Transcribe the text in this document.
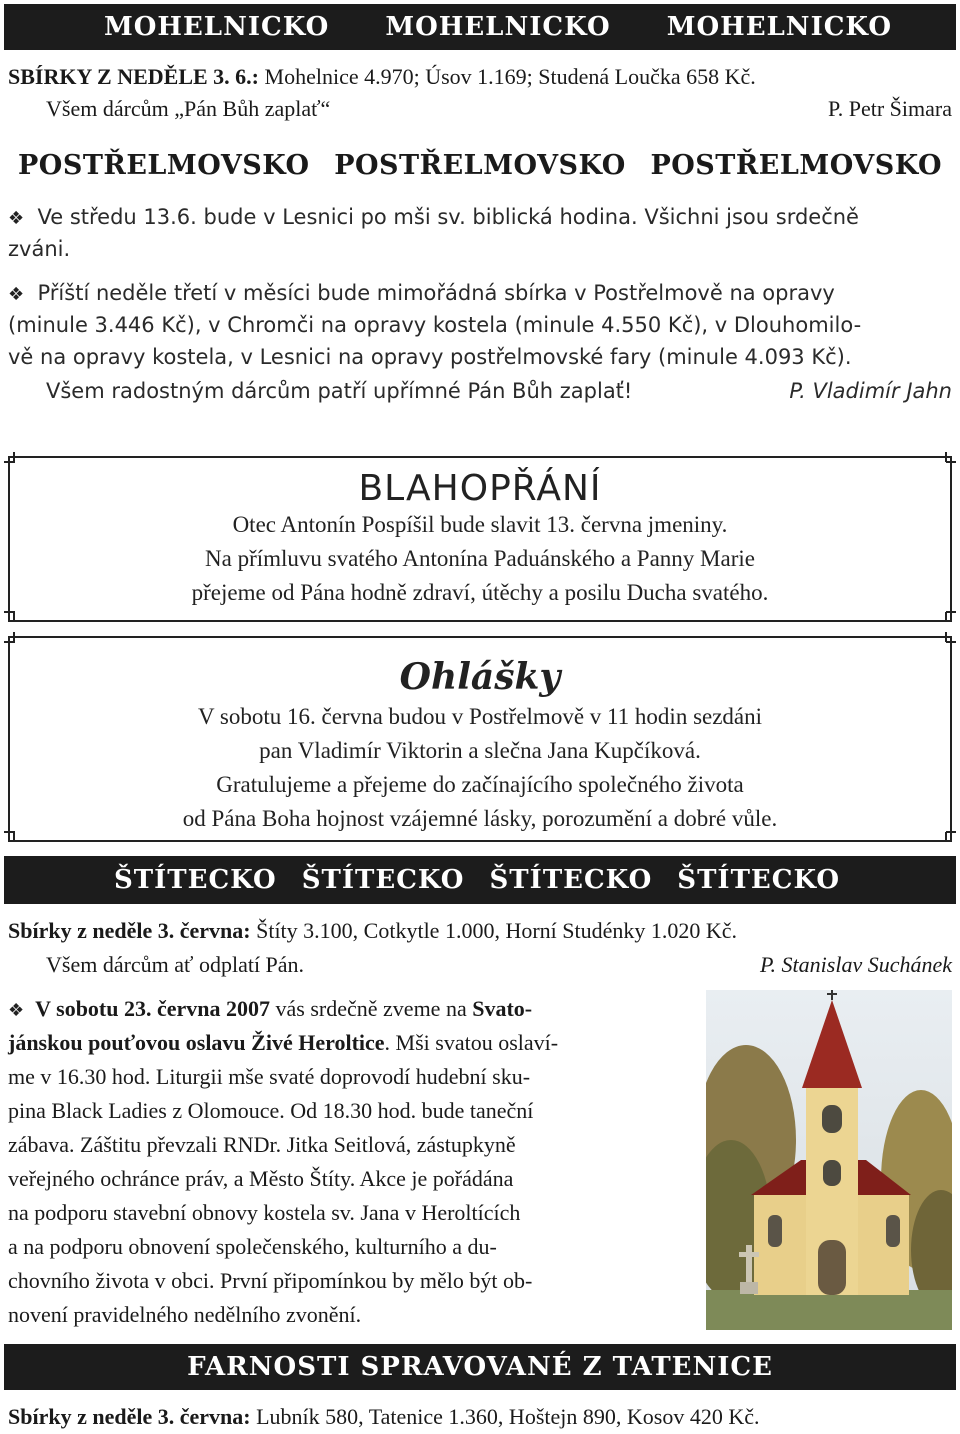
MOHELNICKO MOHELNICKO MOHELNICKO
SBÍRKY Z NEDĚLE 3. 6.: Mohelnice 4.970; Úsov 1.169; Studená Loučka 658 Kč.
Všem dárcům „Pán Bůh zaplať“	P. Petr Šimara
POSTŘELMOVSKO POSTŘELMOVSKO POSTŘELMOVSKO
❖ Ve středu 13.6. bude v Lesnici po mši sv. biblická hodina. Všichni jsou srdečně
zváni.
❖ Příští neděle třetí v měsíci bude mimořádná sbírka v Postřelmově na opravy
(minule 3.446 Kč), v Chromči na opravy kostela (minule 4.550 Kč), v Dlouhomilo-
vě na opravy kostela, v Lesnici na opravy postřelmovské fary (minule 4.093 Kč).
Všem radostným dárcům patří upřímné Pán Bůh zaplať!	P. Vladimír Jahn
BLAHOPŘÁNÍ
Otec Antonín Pospíšil bude slavit 13. června jmeniny.
Na přímluvu svatého Antonína Paduánského a Panny Marie
přejeme od Pána hodně zdraví, útěchy a posilu Ducha svatého.
Ohlášky
V sobotu 16. června budou v Postřelmově v 11 hodin sezdáni
pan Vladimír Viktorin a slečna Jana Kupčíková.
Gratulujeme a přejeme do začínajícího společného života
od Pána Boha hojnost vzájemné lásky, porozumění a dobré vůle.
ŠTÍTECKO ŠTÍTECKO ŠTÍTECKO ŠTÍTECKO
Sbírky z neděle 3. června: Štíty 3.100, Cotkytle 1.000, Horní Studénky 1.020 Kč.
Všem dárcům ať odplatí Pán.	P. Stanislav Suchánek
❖ V sobotu 23. června 2007 vás srdečně zveme na Svato-
jánskou pouťovou oslavu Živé Heroltice. Mši svatou oslaví-
me v 16.30 hod. Liturgii mše svaté doprovodí hudební sku-
pina Black Ladies z Olomouce. Od 18.30 hod. bude taneční
zábava. Záštitu převzali RNDr. Jitka Seitlová, zástupkyně
veřejného ochránce práv, a Město Štíty. Akce je pořádána
na podporu stavební obnovy kostela sv. Jana v Heroltících
a na podporu obnovení společenského, kulturního a du-
chovního života v obci. První připomínkou by mělo být ob-
novení pravidelného nedělního zvonění.
FARNOSTI SPRAVOVANÉ Z TATENICE
Sbírky z neděle 3. června: Lubník 580, Tatenice 1.360, Hoštejn 890, Kosov 420 Kč.
